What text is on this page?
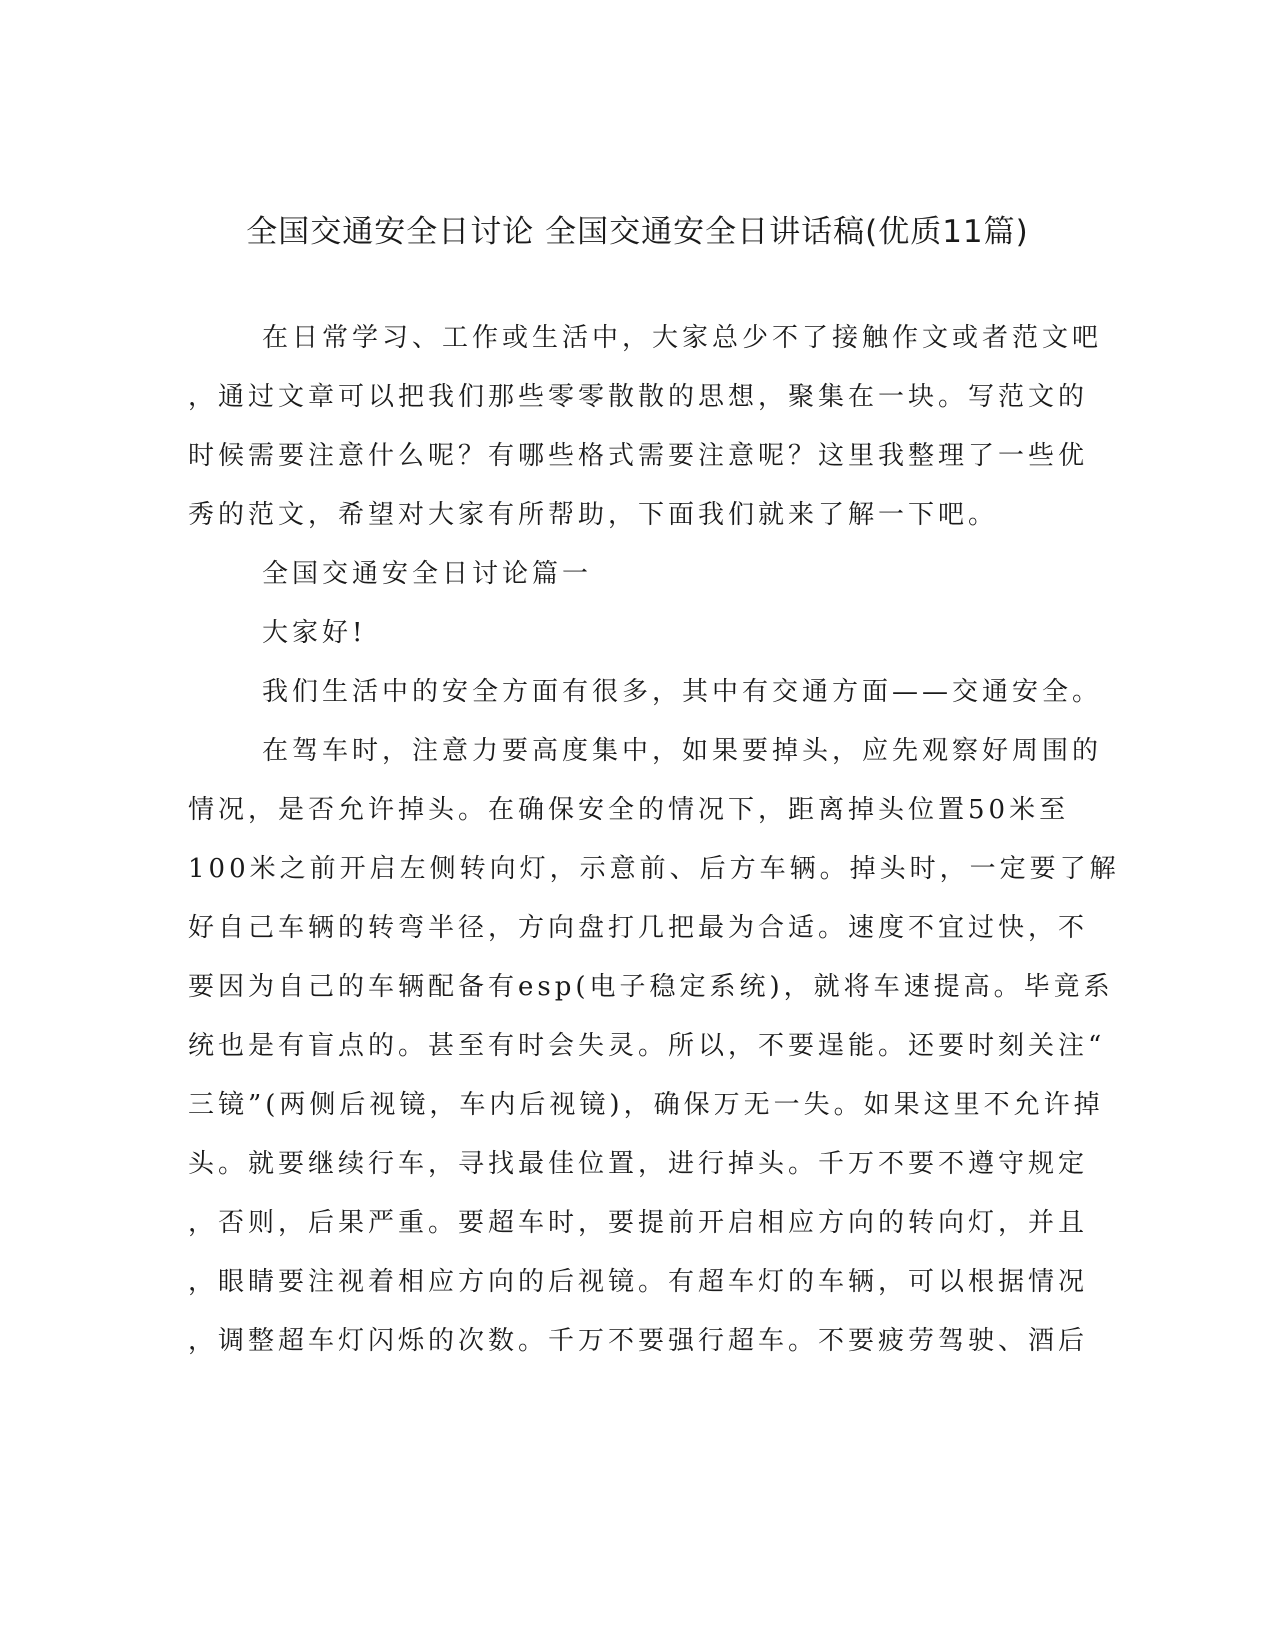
全国交通安全日讨论 全国交通安全日讲话稿(优质11篇)

在日常学习、工作或生活中，大家总少不了接触作文或者范文吧

，通过文章可以把我们那些零零散散的思想，聚集在一块。写范文的

时候需要注意什么呢？有哪些格式需要注意呢？这里我整理了一些优

秀的范文，希望对大家有所帮助，下面我们就来了解一下吧。

全国交通安全日讨论篇一

大家好!

我们生活中的安全方面有很多，其中有交通方面——交通安全。

在驾车时，注意力要高度集中，如果要掉头，应先观察好周围的

情况，是否允许掉头。在确保安全的情况下，距离掉头位置50米至

100米之前开启左侧转向灯，示意前、后方车辆。掉头时，一定要了解

好自己车辆的转弯半径，方向盘打几把最为合适。速度不宜过快，不

要因为自己的车辆配备有esp(电子稳定系统)，就将车速提高。毕竟系

统也是有盲点的。甚至有时会失灵。所以，不要逞能。还要时刻关注“

三镜”(两侧后视镜，车内后视镜)，确保万无一失。如果这里不允许掉

头。就要继续行车，寻找最佳位置，进行掉头。千万不要不遵守规定

，否则，后果严重。要超车时，要提前开启相应方向的转向灯，并且

，眼睛要注视着相应方向的后视镜。有超车灯的车辆，可以根据情况

，调整超车灯闪烁的次数。千万不要强行超车。不要疲劳驾驶、酒后
